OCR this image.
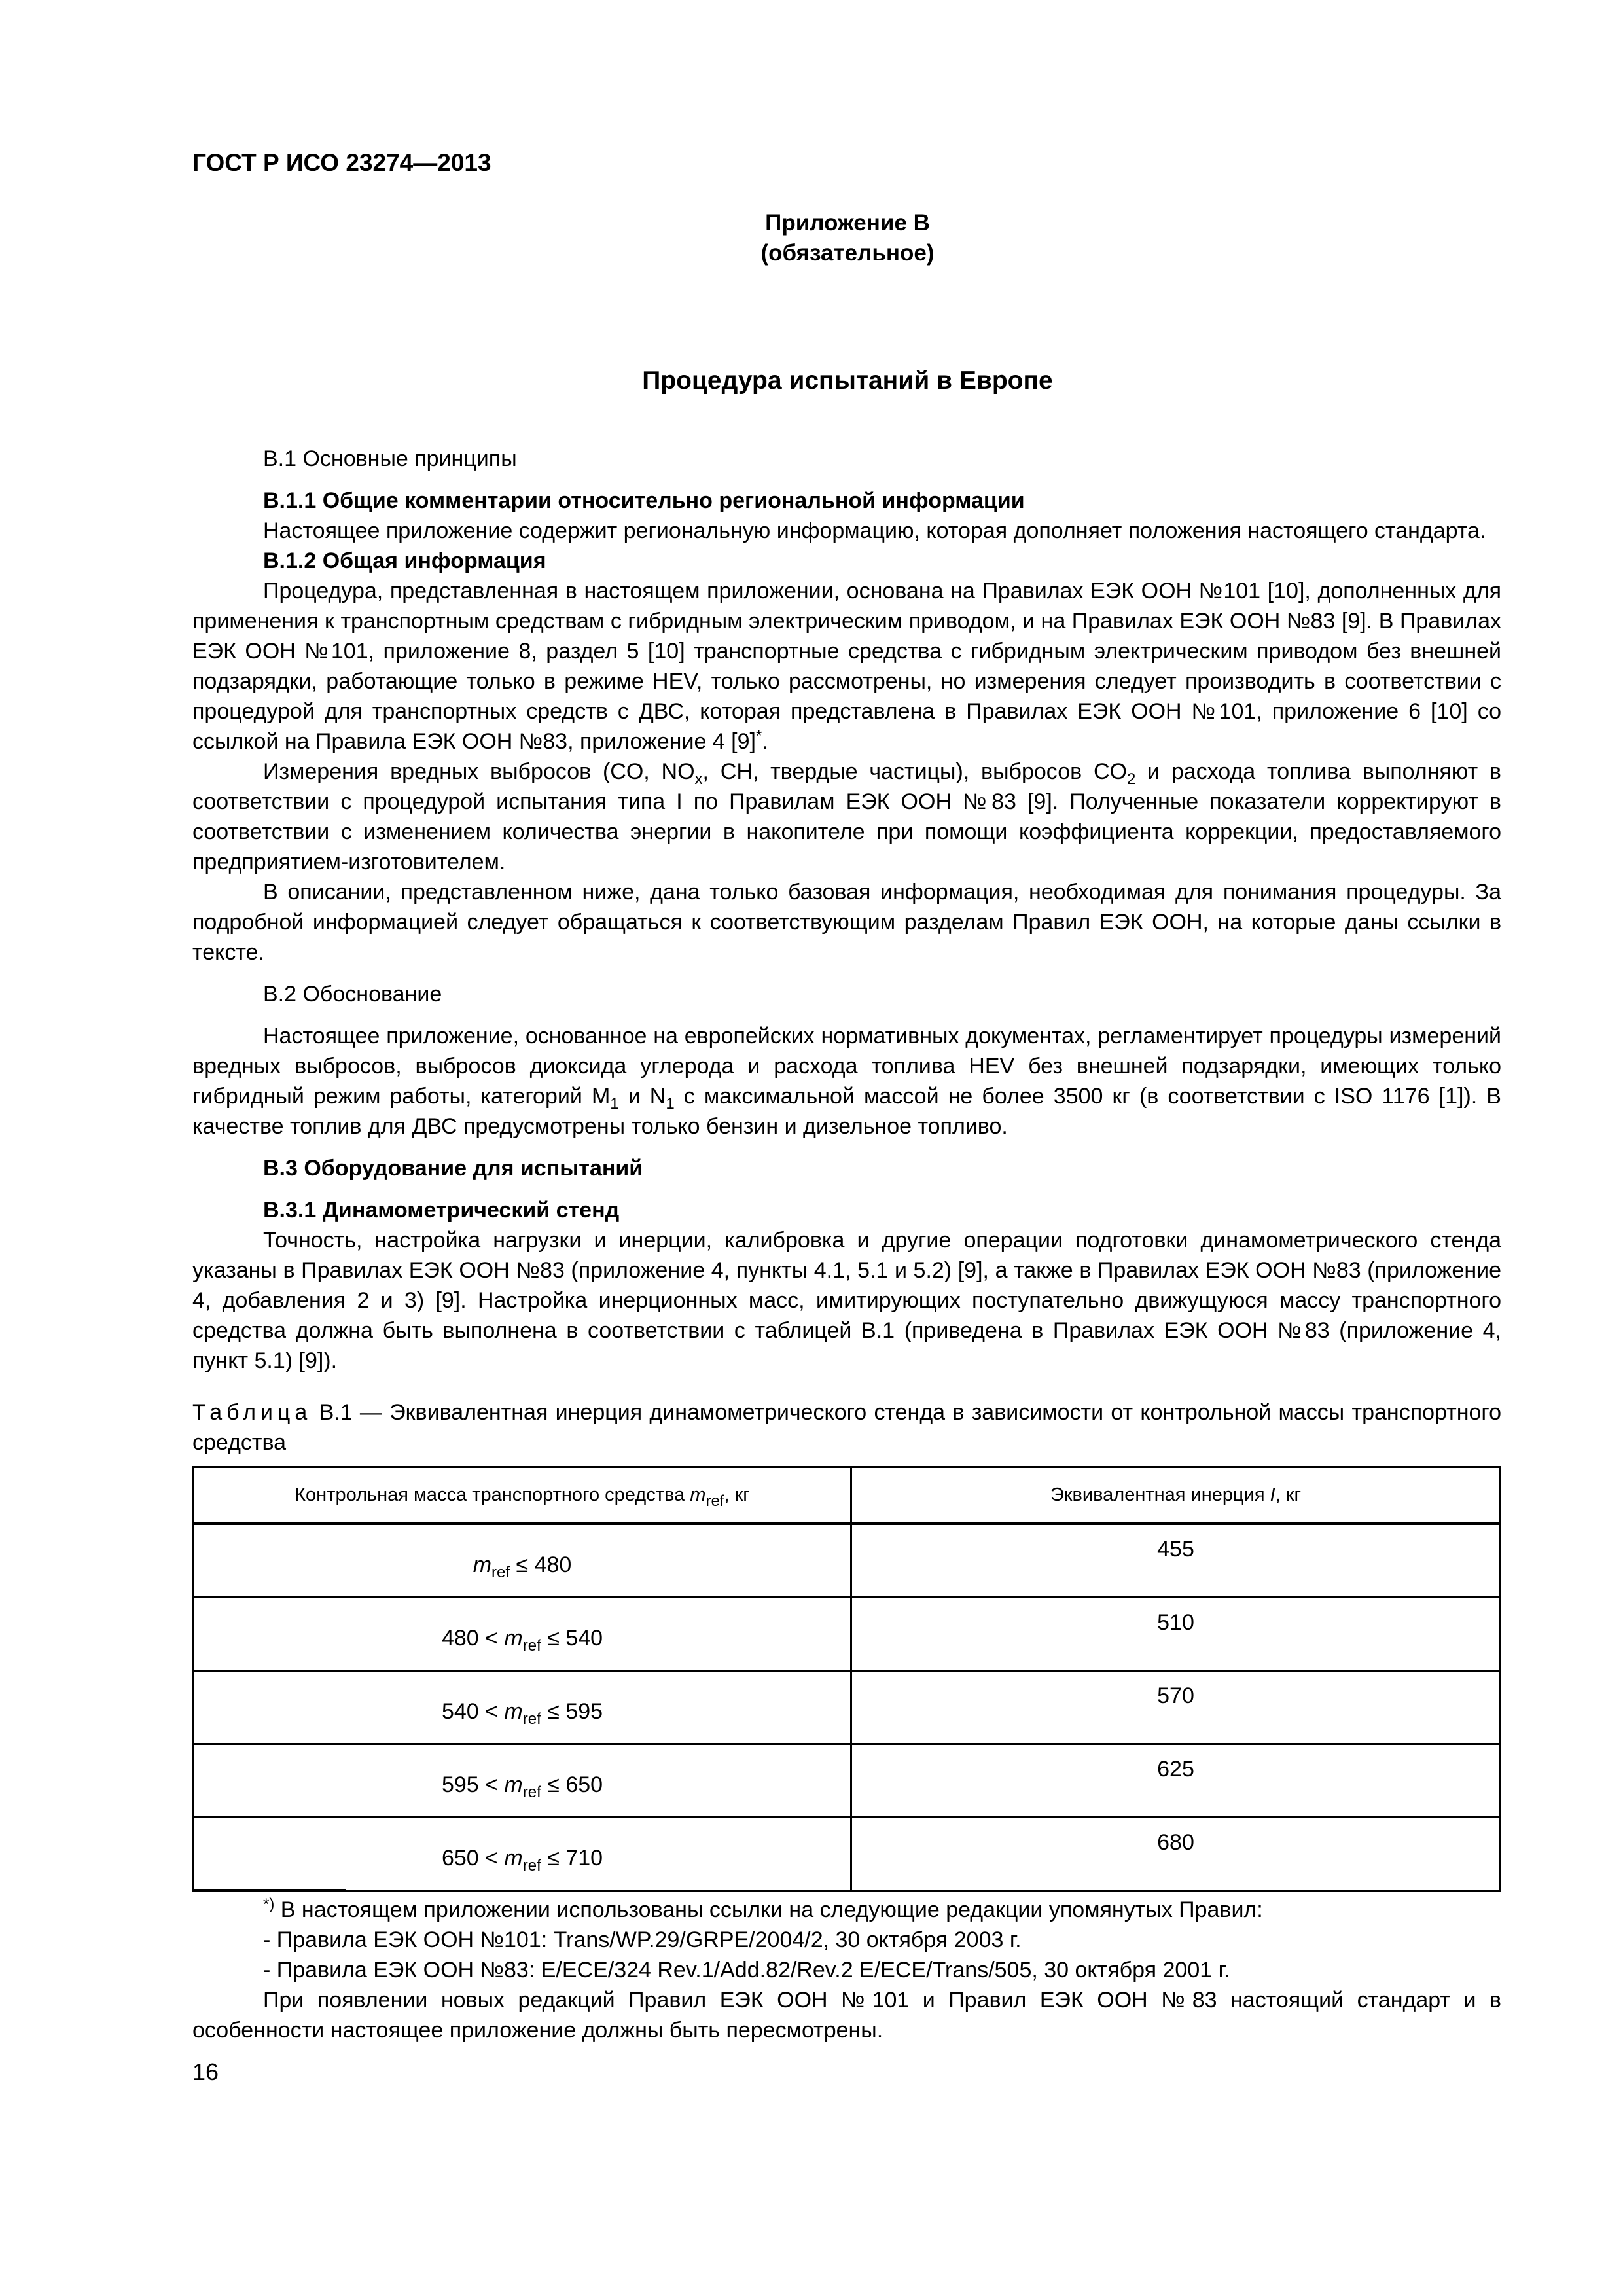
ГОСТ Р ИСО 23274—2013
Приложение В
(обязательное)
Процедура испытаний в Европе

В.1 Основные принципы

В.1.1 Общие комментарии относительно региональной информации

Настоящее приложение содержит региональную информацию, которая дополняет положения настоящего стандарта.

В.1.2 Общая информация

Процедура, представленная в настоящем приложении, основана на Правилах ЕЭК ООН №101 [10], дополненных для применения к транспортным средствам с гибридным электрическим приводом, и на Правилах ЕЭК ООН №83 [9]. В Правилах ЕЭК ООН №101, приложение 8, раздел 5 [10] транспортные средства с гибридным электрическим приводом без внешней подзарядки, работающие только в режиме HEV, только рассмотрены, но измерения следует производить в соответствии с процедурой для транспортных средств с ДВС, которая представлена в Правилах ЕЭК ООН №101, приложение 6 [10] со ссылкой на Правила ЕЭК ООН №83, приложение 4 [9]*.

Измерения вредных выбросов (CO, $NO_x$, CH, твердые частицы), выбросов $CO_2$ и расхода топлива выполняют в соответствии с процедурой испытания типа I по Правилам ЕЭК ООН №83 [9]. Полученные показатели корректируют в соответствии с изменением количества энергии в накопителе при помощи коэффициента коррекции, предоставляемого предприятием-изготовителем.

В описании, представленном ниже, дана только базовая информация, необходимая для понимания процедуры. За подробной информацией следует обращаться к соответствующим разделам Правил ЕЭК ООН, на которые даны ссылки в тексте.

В.2 Обоснование

Настоящее приложение, основанное на европейских нормативных документах, регламентирует процедуры измерений вредных выбросов, выбросов диоксида углерода и расхода топлива HEV без внешней подзарядки, имеющих только гибридный режим работы, категорий $M_1$ и $N_1$ с максимальной массой не более 3500 кг (в соответствии с ISO 1176 [1]). В качестве топлив для ДВС предусмотрены только бензин и дизельное топливо.

В.3 Оборудование для испытаний

В.3.1 Динамометрический стенд

Точность, настройка нагрузки и инерции, калибровка и другие операции подготовки динамометрического стенда указаны в Правилах ЕЭК ООН №83 (приложение 4, пункты 4.1, 5.1 и 5.2) [9], а также в Правилах ЕЭК ООН №83 (приложение 4, добавления 2 и 3) [9]. Настройка инерционных масс, имитирующих поступательно движущуюся массу транспортного средства должна быть выполнена в соответствии с таблицей В.1 (приведена в Правилах ЕЭК ООН №83 (приложение 4, пункт 5.1) [9]).

Таблица В.1 — Эквивалентная инерция динамометрического стенда в зависимости от контрольной массы транспортного средства
Контрольная масса транспортного средства $m_{ref}$, кг	Эквивалентная инерция I, кг
$m_{ref} \le 480$	455
$480 < m_{ref} \le 540$	510
$540 < m_{ref} \le 595$	570
$595 < m_{ref} \le 650$	625
$650 < m_{ref} \le 710$	680

*) В настоящем приложении использованы ссылки на следующие редакции упомянутых Правил:

- Правила ЕЭК ООН №101: Trans/WP.29/GRPE/2004/2, 30 октября 2003 г.

- Правила ЕЭК ООН №83: E/ECE/324 Rev.1/Add.82/Rev.2 E/ECE/Trans/505, 30 октября 2001 г.

При появлении новых редакций Правил ЕЭК ООН №101 и Правил ЕЭК ООН №83 настоящий стандарт и в особенности настоящее приложение должны быть пересмотрены.

16
